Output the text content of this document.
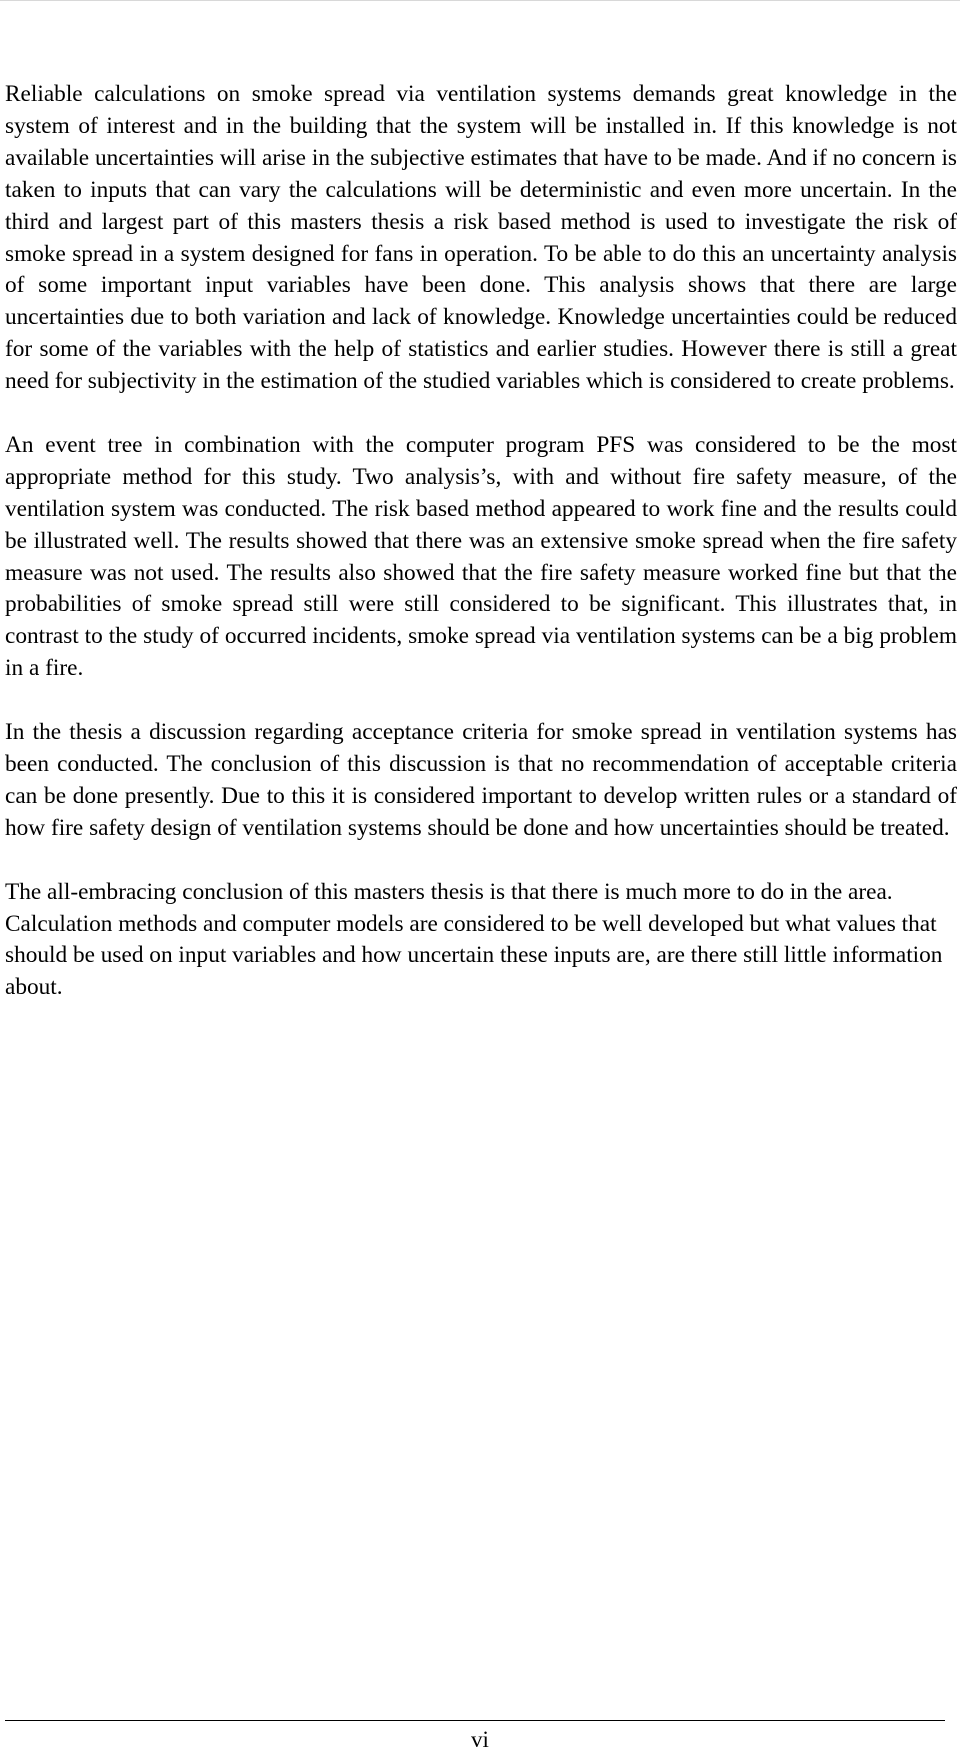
Reliable calculations on smoke spread via ventilation systems demands great knowledge in the system of interest and in the building that the system will be installed in. If this knowledge is not available uncertainties will arise in the subjective estimates that have to be made. And if no concern is taken to inputs that can vary the calculations will be deterministic and even more uncertain. In the third and largest part of this masters thesis a risk based method is used to investigate the risk of smoke spread in a system designed for fans in operation. To be able to do this an uncertainty analysis of some important input variables have been done. This analysis shows that there are large uncertainties due to both variation and lack of knowledge. Knowledge uncertainties could be reduced for some of the variables with the help of statistics and earlier studies. However there is still a great need for subjectivity in the estimation of the studied variables which is considered to create problems.

An event tree in combination with the computer program PFS was considered to be the most appropriate method for this study. Two analysis’s, with and without fire safety measure, of the ventilation system was conducted. The risk based method appeared to work fine and the results could be illustrated well. The results showed that there was an extensive smoke spread when the fire safety measure was not used. The results also showed that the fire safety measure worked fine but that the probabilities of smoke spread still were still considered to be significant. This illustrates that, in contrast to the study of occurred incidents, smoke spread via ventilation systems can be a big problem in a fire.

In the thesis a discussion regarding acceptance criteria for smoke spread in ventilation systems has been conducted. The conclusion of this discussion is that no recommendation of acceptable criteria can be done presently. Due to this it is considered important to develop written rules or a standard of how fire safety design of ventilation systems should be done and how uncertainties should be treated.

The all-embracing conclusion of this masters thesis is that there is much more to do in the area. Calculation methods and computer models are considered to be well developed but what values that should be used on input variables and how uncertain these inputs are, are there still little information about.

vi
